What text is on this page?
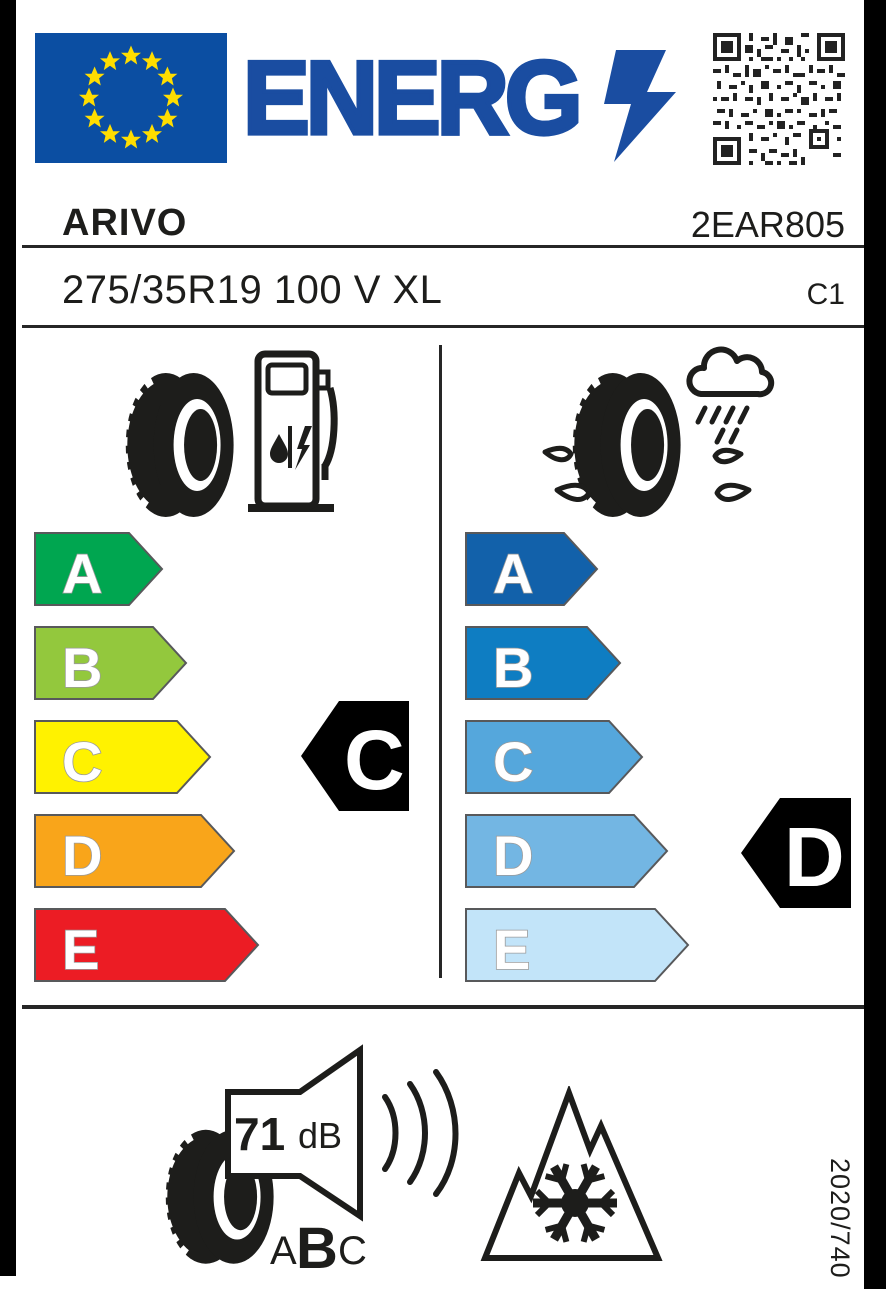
ENERG
ARIVO	2EAR805
275/35R19 100 V XL	C1
A
B
C
D
E
C
A
B
C
D
E
D
71 dB
A B C	2020/740
